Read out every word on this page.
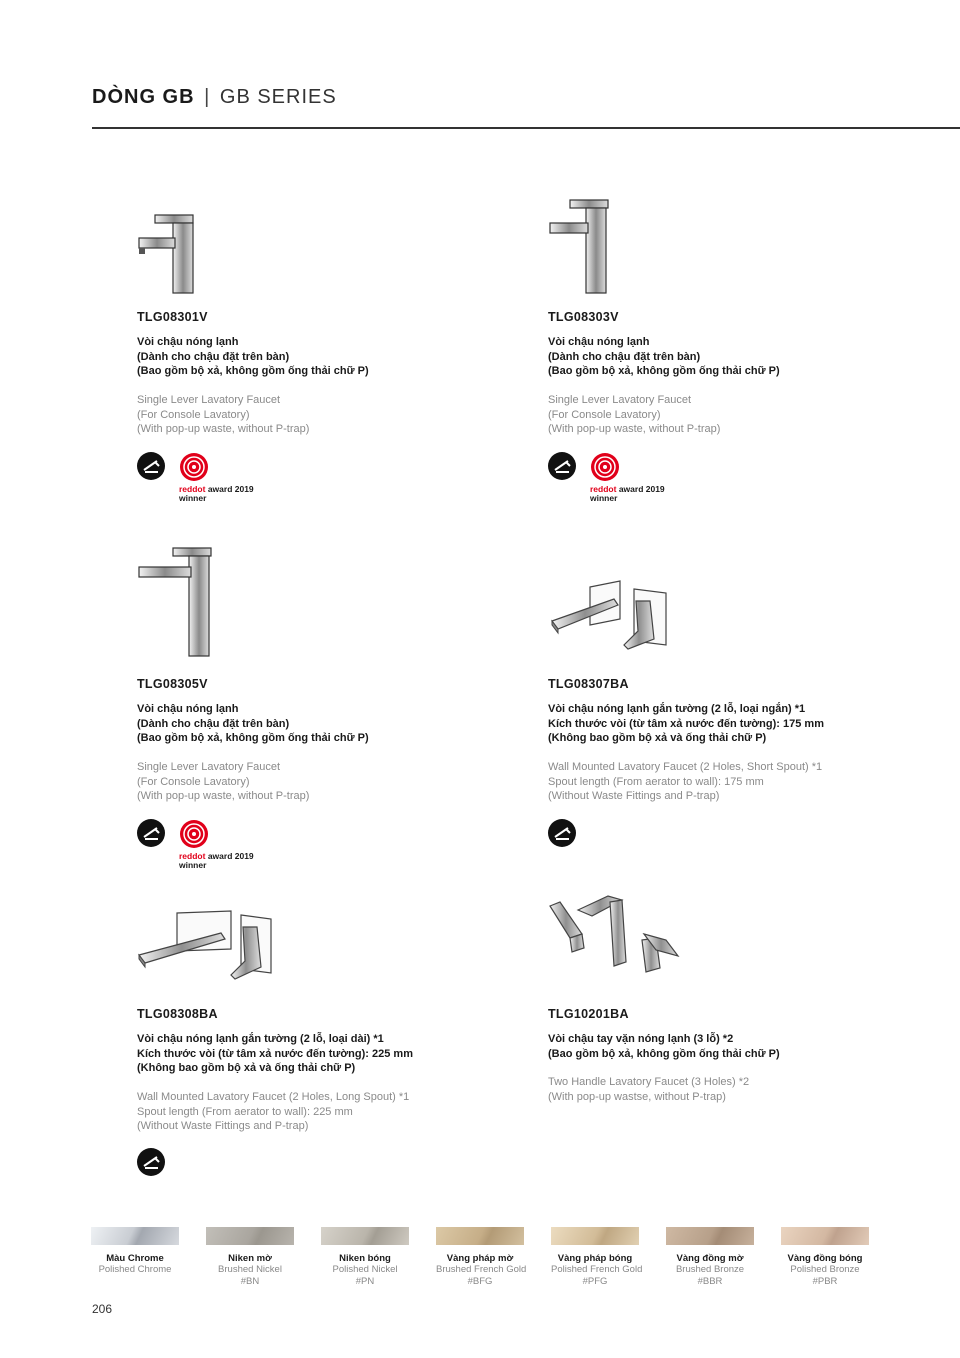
DÒNG GB | GB SERIES
TLG08301V
Vòi chậu nóng lạnh
(Dành cho chậu đặt trên bàn)
(Bao gồm bộ xả, không gồm ống thải chữ P)
Single Lever Lavatory Faucet
(For Console Lavatory)
(With pop-up waste, without P-trap)
reddot award 2019
winner
TLG08303V
Vòi chậu nóng lạnh
(Dành cho chậu đặt trên bàn)
(Bao gồm bộ xả, không gồm ống thải chữ P)
Single Lever Lavatory Faucet
(For Console Lavatory)
(With pop-up waste, without P-trap)
reddot award 2019
winner
TLG08305V
Vòi chậu nóng lạnh
(Dành cho chậu đặt trên bàn)
(Bao gồm bộ xả, không gồm ống thải chữ P)
Single Lever Lavatory Faucet
(For Console Lavatory)
(With pop-up waste, without P-trap)
reddot award 2019
winner
TLG08307BA
Vòi chậu nóng lạnh gắn tường (2 lỗ, loại ngắn) *1
Kích thước vòi (từ tâm xả nước đến tường): 175 mm
(Không bao gồm bộ xả và ống thải chữ P)
Wall Mounted Lavatory Faucet (2 Holes, Short Spout) *1
Spout length (From aerator to wall): 175 mm
(Without Waste Fittings and P-trap)
TLG08308BA
Vòi chậu nóng lạnh gắn tường (2 lỗ, loại dài) *1
Kích thước vòi (từ tâm xả nước đến tường): 225 mm
(Không bao gồm bộ xả và ống thải chữ P)
Wall Mounted Lavatory Faucet (2 Holes, Long Spout) *1
Spout length (From aerator to wall): 225 mm
(Without Waste Fittings and P-trap)
TLG10201BA
Vòi chậu tay vặn nóng lạnh (3 lỗ) *2
(Bao gồm bộ xả, không gồm ống thải chữ P)
Two Handle Lavatory Faucet (3 Holes) *2
(With pop-up wastse, without P-trap)
Màu Chrome
Polished Chrome
Niken mờ
Brushed Nickel
#BN
Niken bóng
Polished Nickel
#PN
Vàng pháp mờ
Brushed French Gold
#BFG
Vàng pháp bóng
Polished French Gold
#PFG
Vàng đồng mờ
Brushed Bronze
#BBR
Vàng đồng bóng
Polished Bronze
#PBR
206
